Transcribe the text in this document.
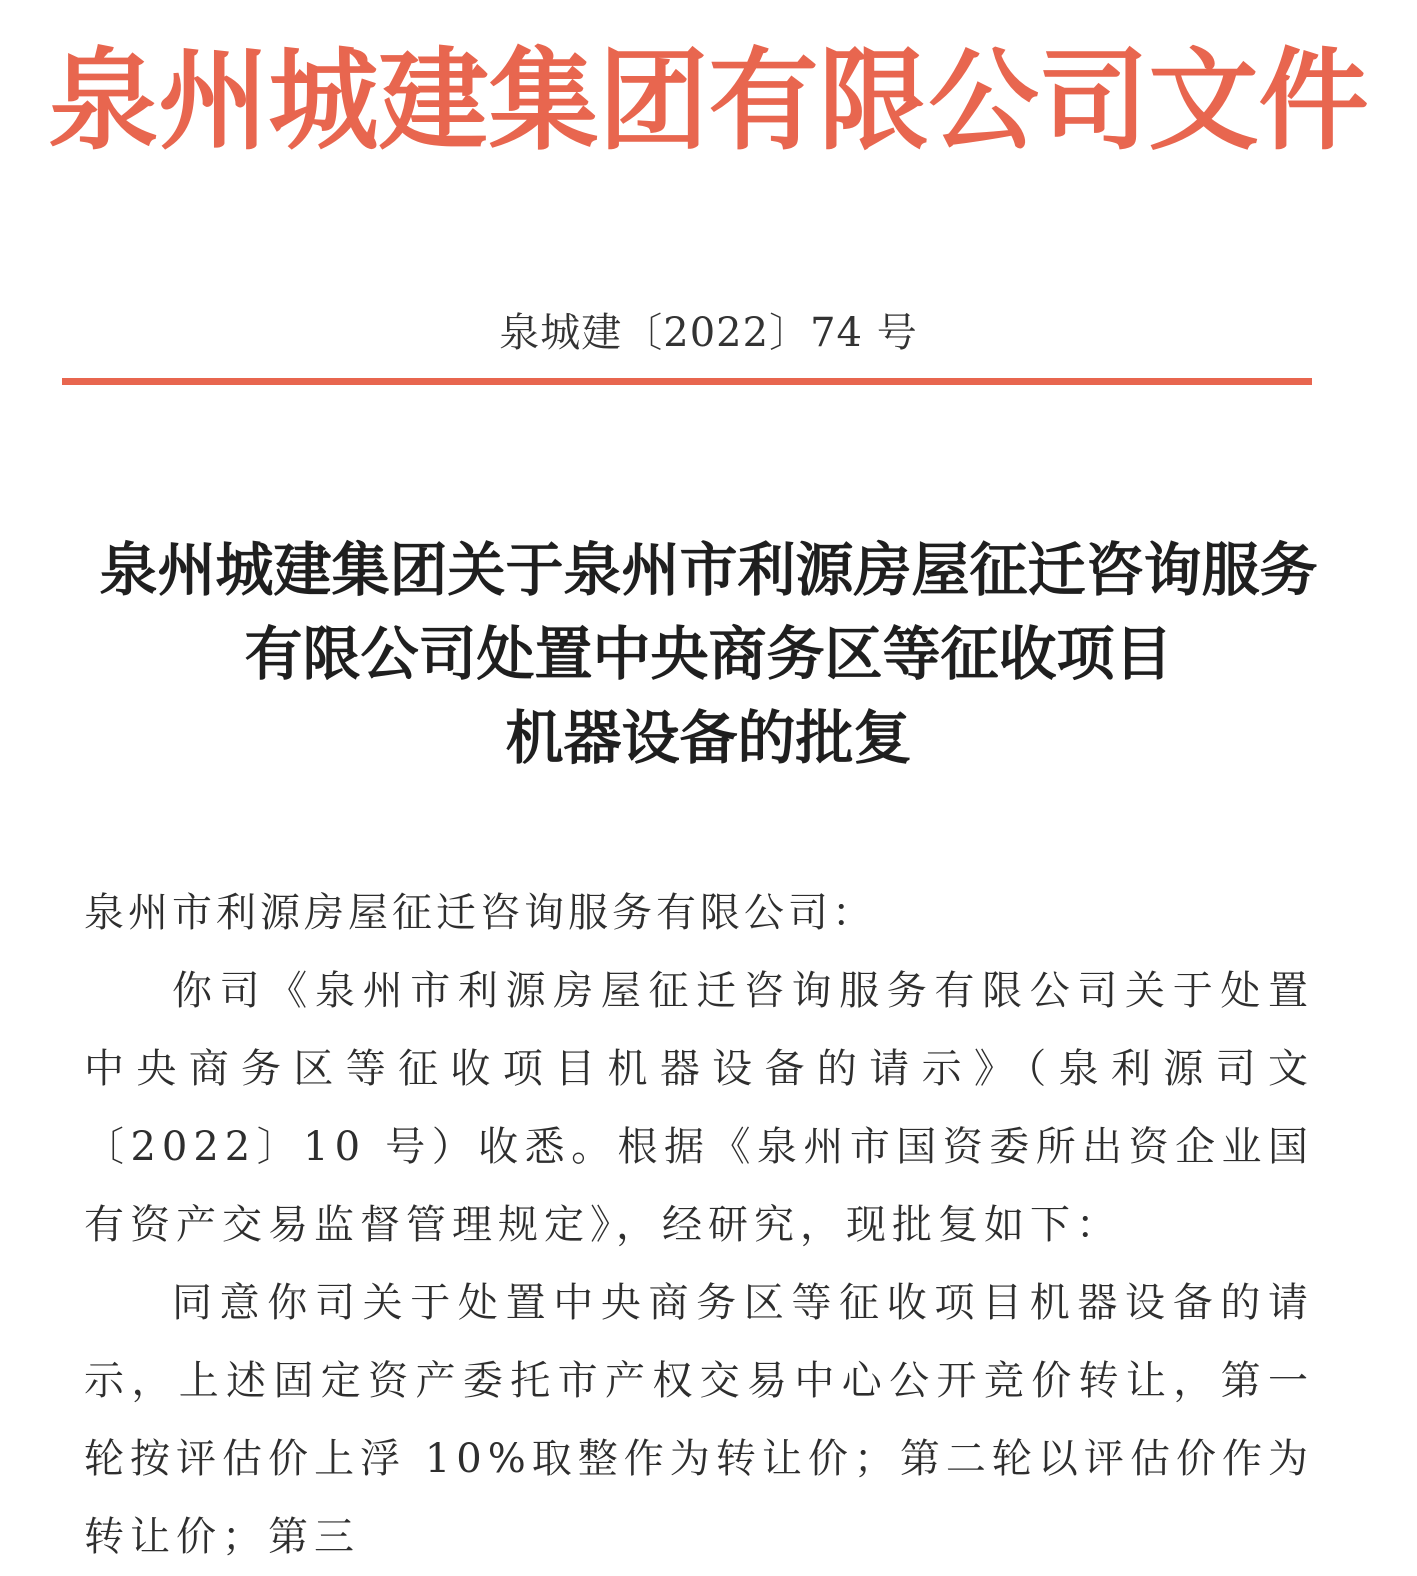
泉州城建集团有限公司文件
泉城建〔2022〕74 号
泉州城建集团关于泉州市利源房屋征迁咨询服务
有限公司处置中央商务区等征收项目
机器设备的批复

泉州市利源房屋征迁咨询服务有限公司：

你司《泉州市利源房屋征迁咨询服务有限公司关于处置中央商务区等征收项目机器设备的请示》（泉利源司文〔2022〕10 号）收悉。根据《泉州市国资委所出资企业国有资产交易监督管理规定》，经研究，现批复如下：

同意你司关于处置中央商务区等征收项目机器设备的请示，上述固定资产委托市产权交易中心公开竞价转让，第一轮按评估价上浮 10%取整作为转让价；第二轮以评估价作为转让价；第三
